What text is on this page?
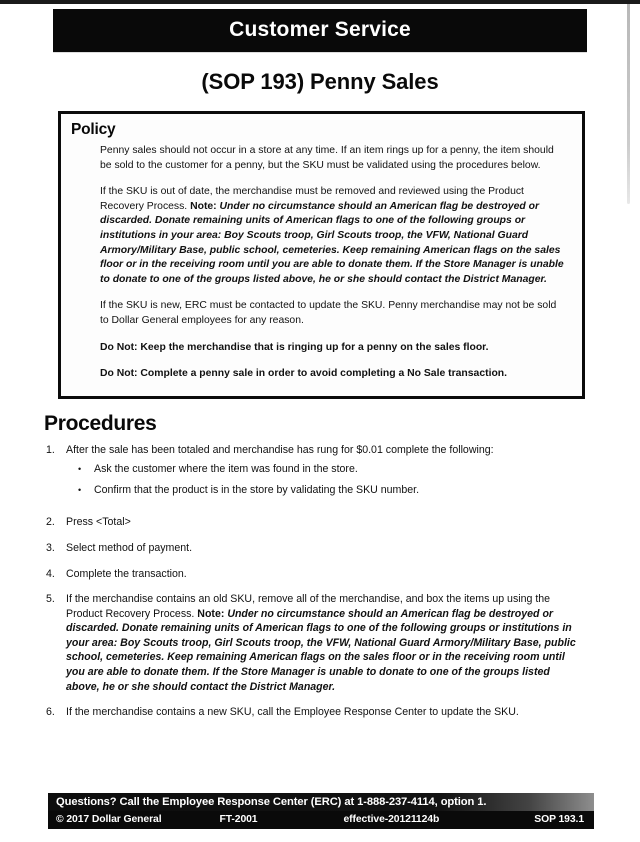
Customer Service
(SOP 193) Penny Sales
Policy

Penny sales should not occur in a store at any time. If an item rings up for a penny, the item should be sold to the customer for a penny, but the SKU must be validated using the procedures below.

If the SKU is out of date, the merchandise must be removed and reviewed using the Product Recovery Process. Note: Under no circumstance should an American flag be destroyed or discarded. Donate remaining units of American flags to one of the following groups or institutions in your area: Boy Scouts troop, Girl Scouts troop, the VFW, National Guard Armory/Military Base, public school, cemeteries. Keep remaining American flags on the sales floor or in the receiving room until you are able to donate them. If the Store Manager is unable to donate to one of the groups listed above, he or she should contact the District Manager.

If the SKU is new, ERC must be contacted to update the SKU. Penny merchandise may not be sold to Dollar General employees for any reason.

Do Not: Keep the merchandise that is ringing up for a penny on the sales floor.

Do Not: Complete a penny sale in order to avoid completing a No Sale transaction.

Procedures
1.	After the sale has been totaled and merchandise has rung for $0.01 complete the following:
•	Ask the customer where the item was found in the store.
•	Confirm that the product is in the store by validating the SKU number.
2.	Press <Total>
3.	Select method of payment.
4.	Complete the transaction.
5.	If the merchandise contains an old SKU, remove all of the merchandise, and box the items up using the Product Recovery Process. Note: Under no circumstance should an American flag be destroyed or discarded. Donate remaining units of American flags to one of the following groups or institutions in your area: Boy Scouts troop, Girl Scouts troop, the VFW, National Guard Armory/Military Base, public school, cemeteries. Keep remaining American flags on the sales floor or in the receiving room until you are able to donate them. If the Store Manager is unable to donate to one of the groups listed above, he or she should contact the District Manager.
6.	If the merchandise contains a new SKU, call the Employee Response Center to update the SKU.
Questions? Call the Employee Response Center (ERC) at 1-888-237-4114, option 1.
© 2017 Dollar General	FT-2001	effective-20121124b	SOP 193.1
